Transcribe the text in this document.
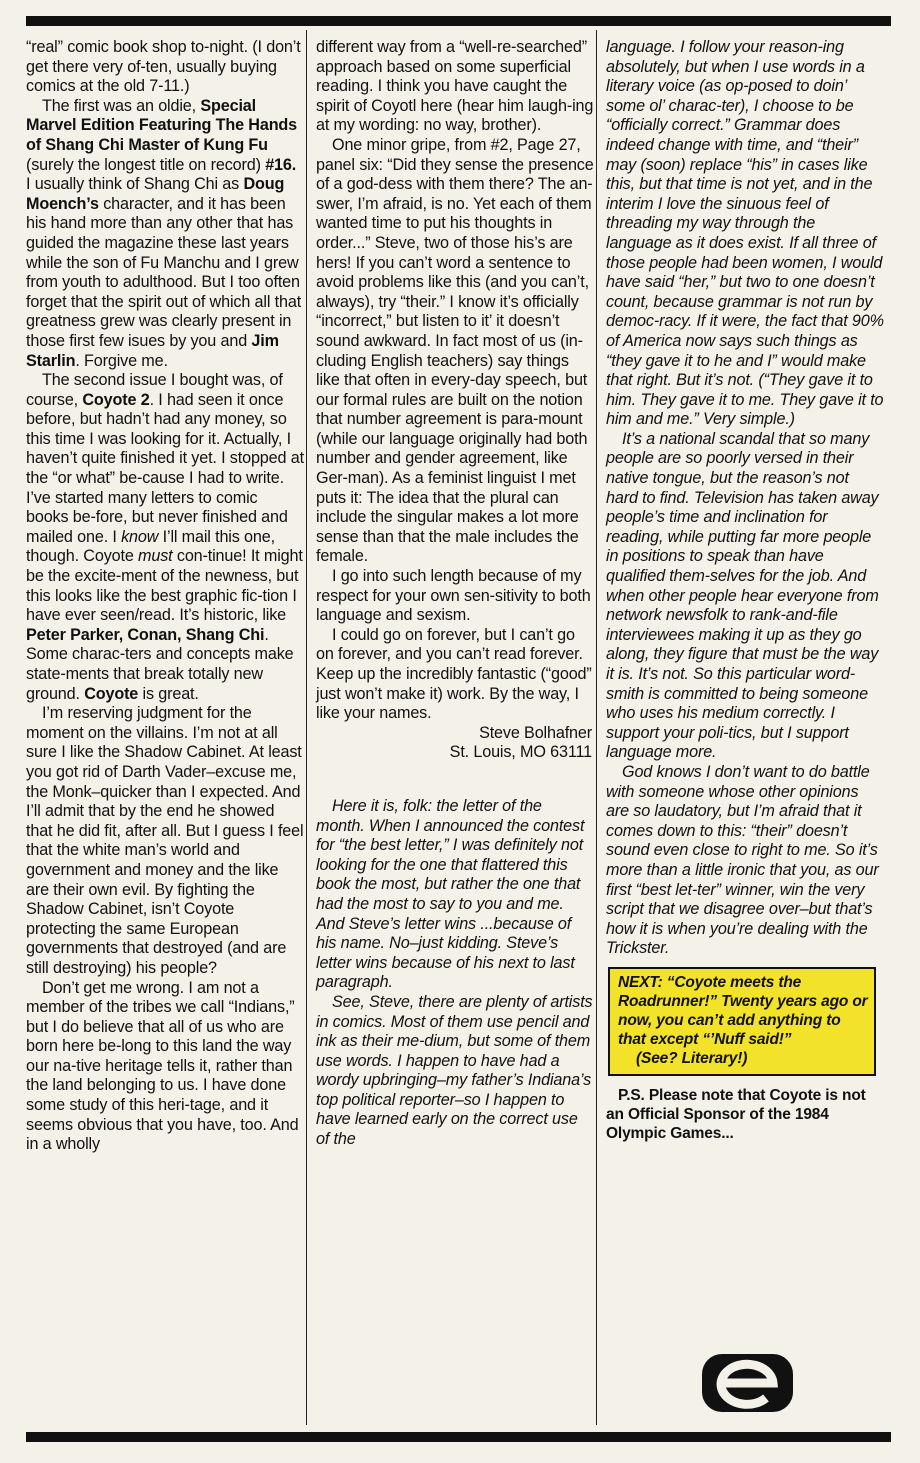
“real” comic book shop to-night. (I don’t get there very of-ten, usually buying comics at the old 7-11.)

The first was an oldie, Special Marvel Edition Featuring The Hands of Shang Chi Master of Kung Fu (surely the longest title on record) #16. I usually think of Shang Chi as Doug Moench’s character, and it has been his hand more than any other that has guided the magazine these last years while the son of Fu Manchu and I grew from youth to adulthood. But I too often forget that the spirit out of which all that greatness grew was clearly present in those first few isues by you and Jim Starlin. Forgive me.

The second issue I bought was, of course, Coyote 2. I had seen it once before, but hadn’t had any money, so this time I was looking for it. Actually, I haven’t quite finished it yet. I stopped at the “or what” be-cause I had to write. I’ve started many letters to comic books be-fore, but never finished and mailed one. I know I’ll mail this one, though. Coyote must con-tinue! It might be the excite-ment of the newness, but this looks like the best graphic fic-tion I have ever seen/read. It’s historic, like Peter Parker, Conan, Shang Chi. Some charac-ters and concepts make state-ments that break totally new ground. Coyote is great.

I’m reserving judgment for the moment on the villains. I’m not at all sure I like the Shadow Cabinet. At least you got rid of Darth Vader–excuse me, the Monk–quicker than I expected. And I’ll admit that by the end he showed that he did fit, after all. But I guess I feel that the white man’s world and government and money and the like are their own evil. By fighting the Shadow Cabinet, isn’t Coyote protecting the same European governments that destroyed (and are still destroying) his people?

Don’t get me wrong. I am not a member of the tribes we call “Indians,” but I do believe that all of us who are born here be-long to this land the way our na-tive heritage tells it, rather than the land belonging to us. I have done some study of this heri-tage, and it seems obvious that you have, too. And in a wholly

different way from a “well-re-searched” approach based on some superficial reading. I think you have caught the spirit of Coyotl here (hear him laugh-ing at my wording: no way, brother).

One minor gripe, from #2, Page 27, panel six: “Did they sense the presence of a god-dess with them there? The an-swer, I’m afraid, is no. Yet each of them wanted time to put his thoughts in order...” Steve, two of those his’s are hers! If you can’t word a sentence to avoid problems like this (and you can’t, always), try “their.” I know it’s officially “incorrect,” but listen to it’ it doesn’t sound awkward. In fact most of us (in-cluding English teachers) say things like that often in every-day speech, but our formal rules are built on the notion that number agreement is para-mount (while our language originally had both number and gender agreement, like Ger-man). As a feminist linguist I met puts it: The idea that the plural can include the singular makes a lot more sense than that the male includes the female.

I go into such length because of my respect for your own sen-sitivity to both language and sexism.

I could go on forever, but I can’t go on forever, and you can’t read forever. Keep up the incredibly fantastic (“good” just won’t make it) work. By the way, I like your names.

Steve Bolhafner

St. Louis, MO 63111

Here it is, folk: the letter of the month. When I announced the contest for “the best letter,” I was definitely not looking for the one that flattered this book the most, but rather the one that had the most to say to you and me. And Steve’s letter wins ...because of his name. No–just kidding. Steve’s letter wins because of his next to last paragraph.

See, Steve, there are plenty of artists in comics. Most of them use pencil and ink as their me-dium, but some of them use words. I happen to have had a wordy upbringing–my father’s Indiana’s top political reporter–so I happen to have learned early on the correct use of the

language. I follow your reason-ing absolutely, but when I use words in a literary voice (as op-posed to doin’ some ol’ charac-ter), I choose to be “officially correct.” Grammar does indeed change with time, and “their” may (soon) replace “his” in cases like this, but that time is not yet, and in the interim I love the sinuous feel of threading my way through the language as it does exist. If all three of those people had been women, I would have said “her,” but two to one doesn’t count, because grammar is not run by democ-racy. If it were, the fact that 90% of America now says such things as “they gave it to he and I” would make that right. But it’s not. (“They gave it to him. They gave it to me. They gave it to him and me.” Very simple.)

It’s a national scandal that so many people are so poorly versed in their native tongue, but the reason’s not hard to find. Television has taken away people’s time and inclination for reading, while putting far more people in positions to speak than have qualified them-selves for the job. And when other people hear everyone from network newsfolk to rank-and-file interviewees making it up as they go along, they figure that must be the way it is. It’s not. So this particular word-smith is committed to being someone who uses his medium correctly. I support your poli-tics, but I support language more.

God knows I don’t want to do battle with someone whose other opinions are so laudatory, but I’m afraid that it comes down to this: “their” doesn’t sound even close to right to me. So it’s more than a little ironic that you, as our first “best let-ter” winner, win the very script that we disagree over–but that’s how it is when you’re dealing with the Trickster.

NEXT: “Coyote meets the Roadrunner!” Twenty years ago or now, you can’t add anything to that except “’Nuff said!”
(See? Literary!)

P.S. Please note that Coyote is not an Official Sponsor of the 1984 Olympic Games...
